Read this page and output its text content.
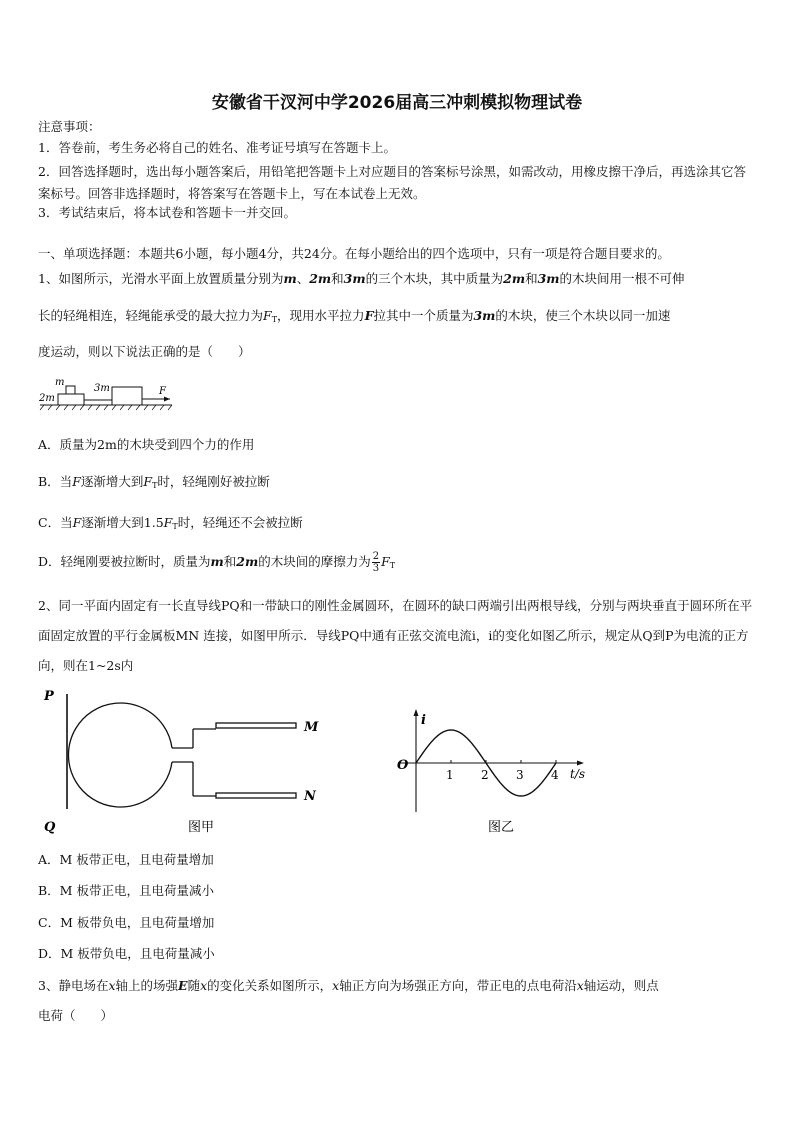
安徽省干汊河中学2026届高三冲刺模拟物理试卷
注意事项：
1．答卷前，考生务必将自己的姓名、准考证号填写在答题卡上。
2．回答选择题时，选出每小题答案后，用铅笔把答题卡上对应题目的答案标号涂黑，如需改动，用橡皮擦干净后，再选涂其它答案标号。回答非选择题时，将答案写在答题卡上，写在本试卷上无效。
3．考试结束后，将本试卷和答题卡一并交回。
一、单项选择题：本题共6小题，每小题4分，共24分。在每小题给出的四个选项中，只有一项是符合题目要求的。
1、如图所示，光滑水平面上放置质量分别为m、2m和3m的三个木块，其中质量为2m和3m的木块间用一根不可伸
长的轻绳相连，轻绳能承受的最大拉力为$F_T$，现用水平拉力F拉其中一个质量为3m的木块，使三个木块以同一加速
度运动，则以下说法正确的是（　　）
2m
m
3m	F
A．质量为2m的木块受到四个力的作用
B．当F逐渐增大到$F_T$时，轻绳刚好被拉断
C．当F逐渐增大到$1.5F_T$时，轻绳还不会被拉断
D．轻绳刚要被拉断时，质量为m和2m的木块间的摩擦力为 $\frac{2}{3} F_T$
2、同一平面内固定有一长直导线PQ和一带缺口的刚性金属圆环，在圆环的缺口两端引出两根导线，分别与两块垂直于圆环所在平面固定放置的平行金属板MN 连接，如图甲所示．导线PQ中通有正弦交流电流i，i的变化如图乙所示，规定从Q到P为电流的正方向，则在1~2s内
P
Q
M
N
图甲
i
O
1 2 3 4 t/s
图乙
A．M 板带正电，且电荷量增加
B．M 板带正电，且电荷量减小
C．M 板带负电，且电荷量增加
D．M 板带负电，且电荷量减小
3、静电场在x轴上的场强E随x的变化关系如图所示，x轴正方向为场强正方向，带正电的点电荷沿x轴运动，则点
电荷（　　）
